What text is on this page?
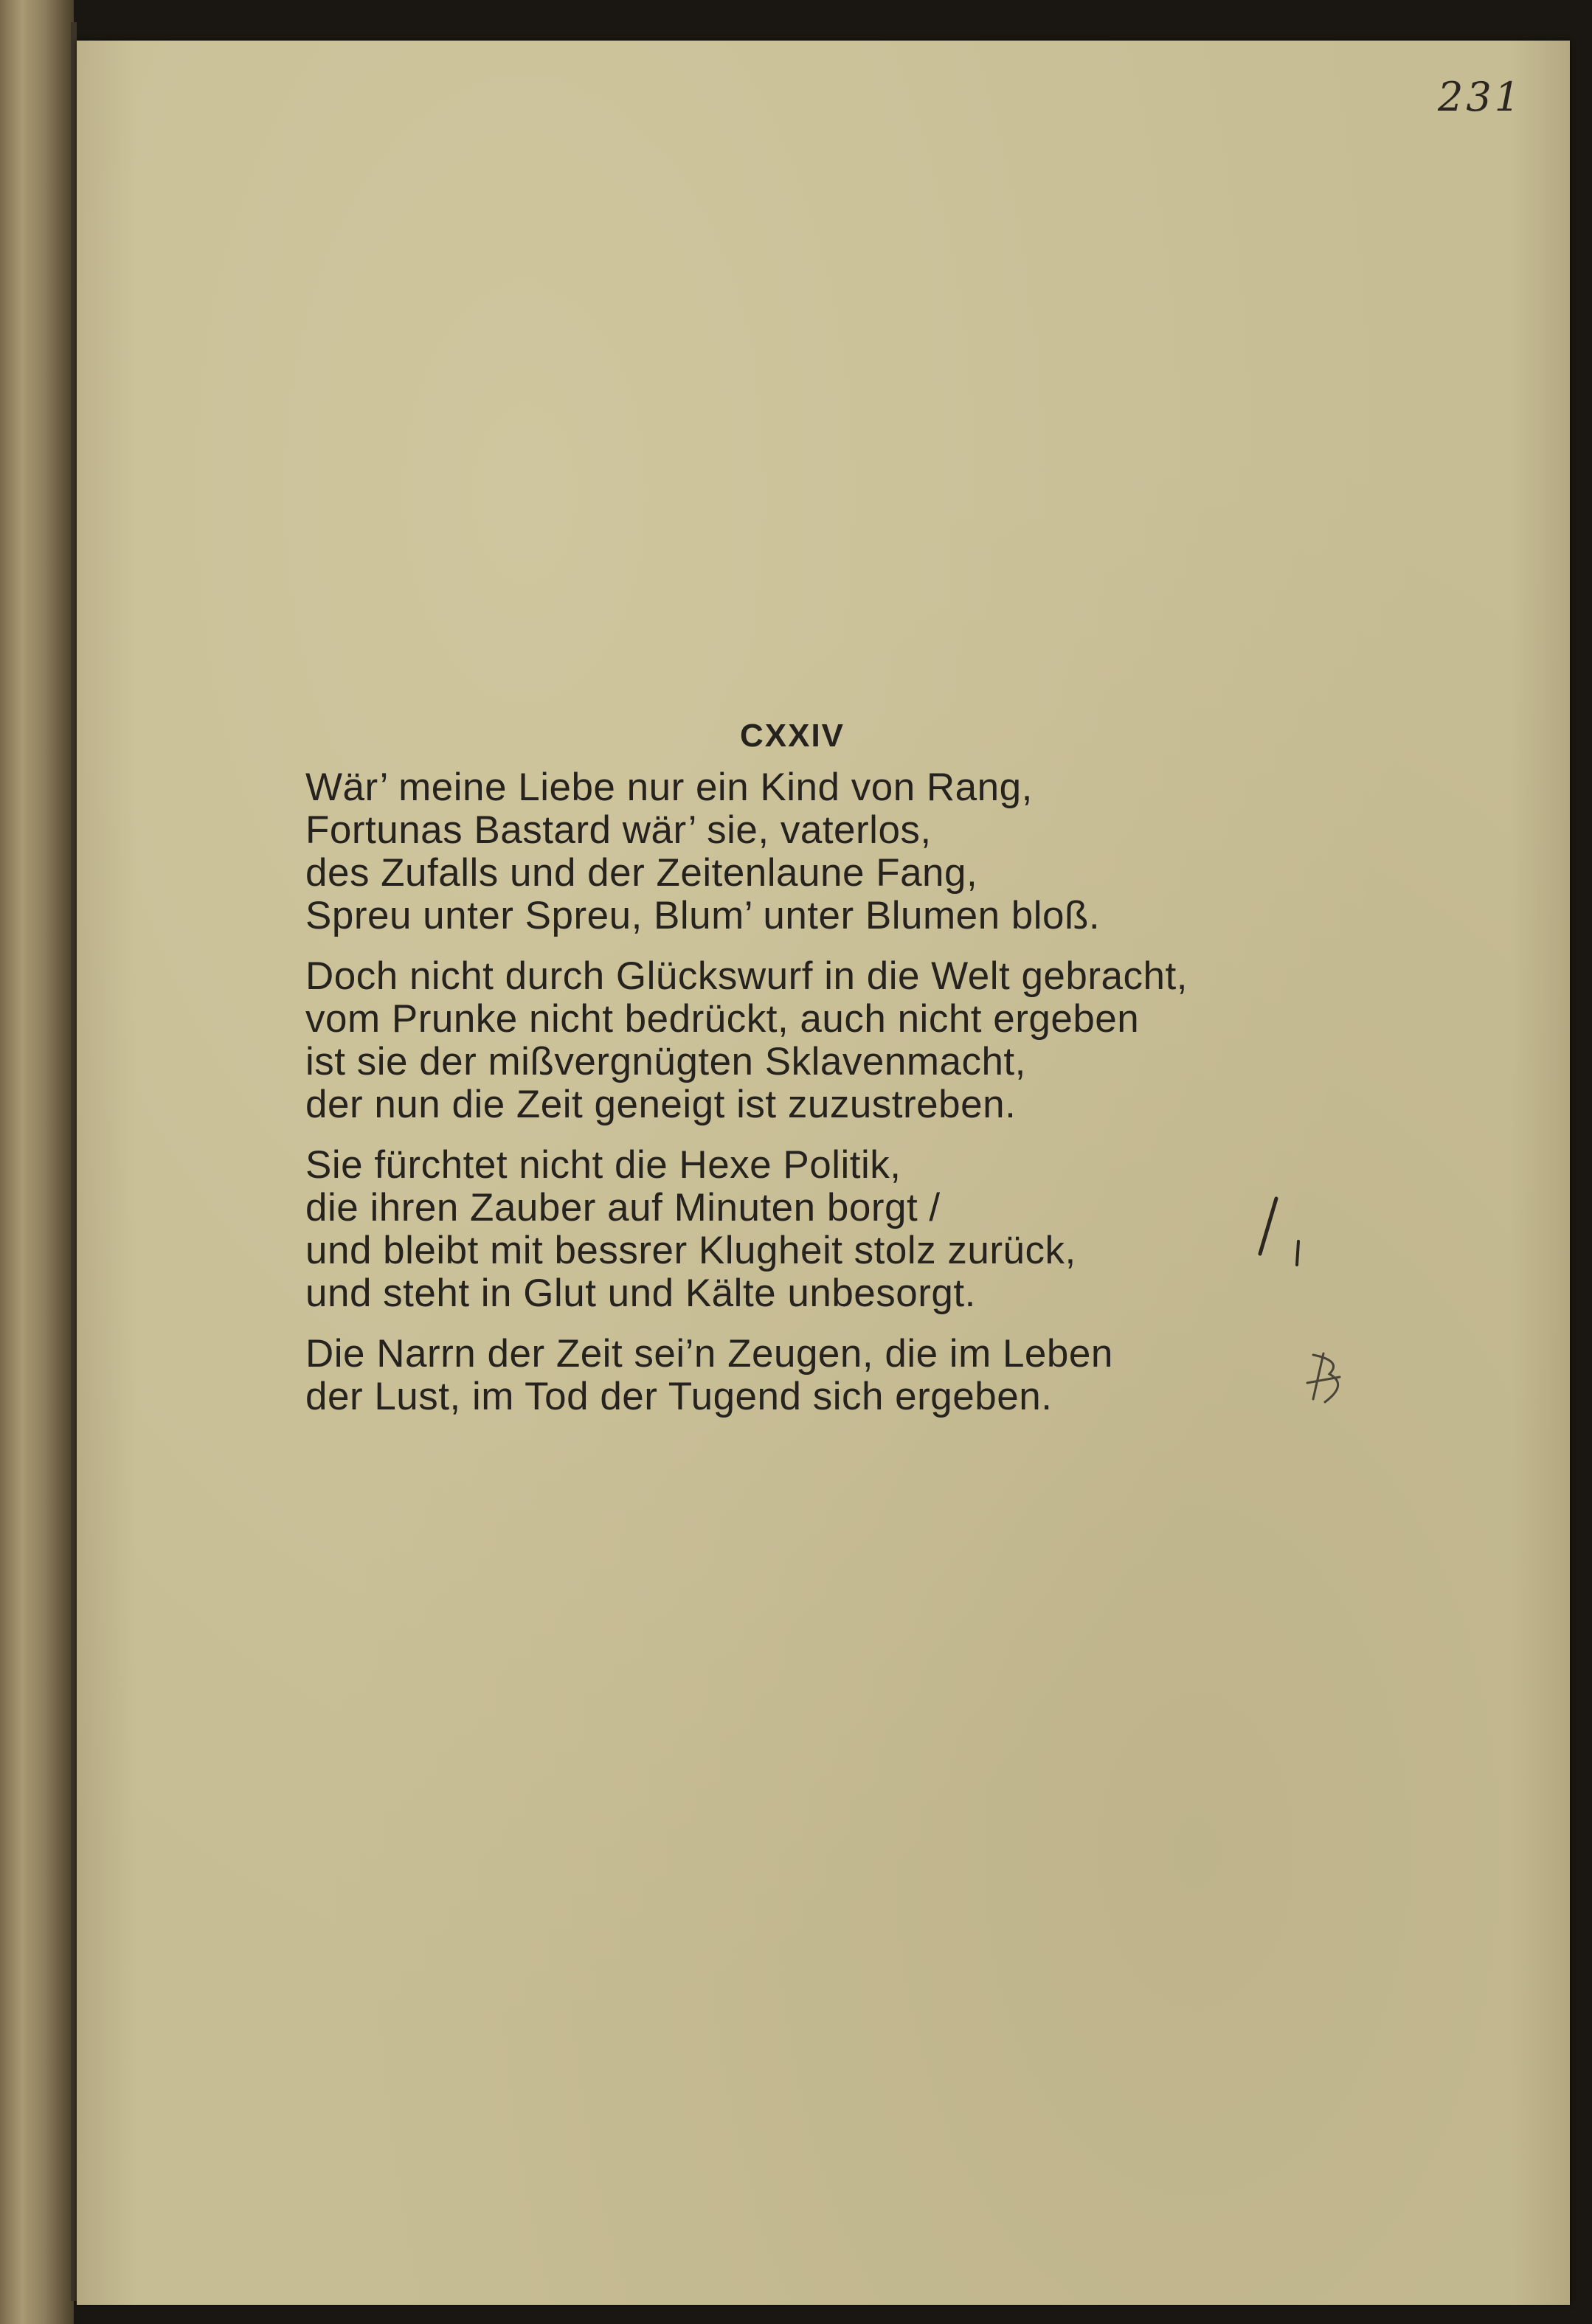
231
CXXIV
Wär’ meine Liebe nur ein Kind von Rang,
Fortunas Bastard wär’ sie, vaterlos,
des Zufalls und der Zeitenlaune Fang,
Spreu unter Spreu, Blum’ unter Blumen bloß.
Doch nicht durch Glückswurf in die Welt gebracht,
vom Prunke nicht bedrückt, auch nicht ergeben
ist sie der mißvergnügten Sklavenmacht,
der nun die Zeit geneigt ist zuzustreben.
Sie fürchtet nicht die Hexe Politik,
die ihren Zauber auf Minuten borgt /
und bleibt mit bessrer Klugheit stolz zurück,
und steht in Glut und Kälte unbesorgt.
Die Narrn der Zeit sei’n Zeugen, die im Leben
der Lust, im Tod der Tugend sich ergeben.
